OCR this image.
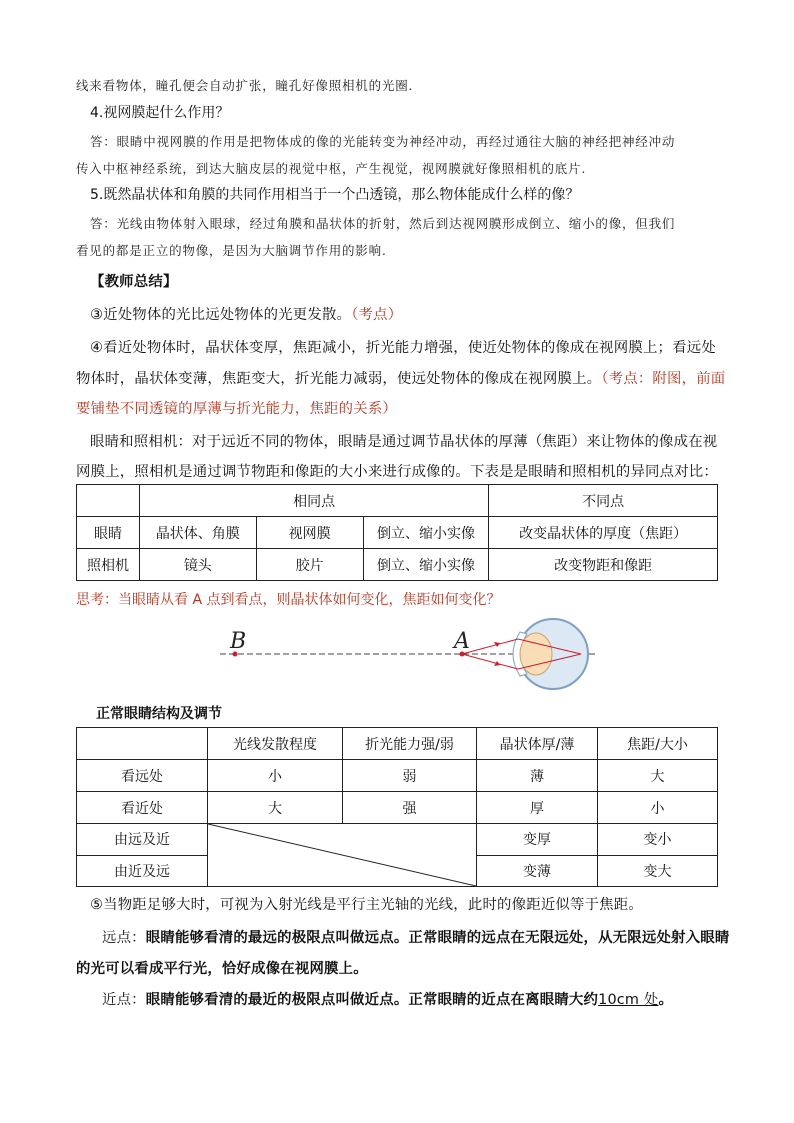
线来看物体，瞳孔便会自动扩张，瞳孔好像照相机的光圈.
4.视网膜起什么作用？
答：眼睛中视网膜的作用是把物体成的像的光能转变为神经冲动，再经过通往大脑的神经把神经冲动
传入中枢神经系统，到达大脑皮层的视觉中枢，产生视觉，视网膜就好像照相机的底片.
5.既然晶状体和角膜的共同作用相当于一个凸透镜，那么物体能成什么样的像？
答：光线由物体射入眼球，经过角膜和晶状体的折射，然后到达视网膜形成倒立、缩小的像，但我们
看见的都是正立的物像，是因为大脑调节作用的影响.
【教师总结】
③近处物体的光比远处物体的光更发散。（考点）
④看近处物体时，晶状体变厚，焦距减小，折光能力增强，使近处物体的像成在视网膜上；看远处
物体时，晶状体变薄，焦距变大，折光能力减弱，使远处物体的像成在视网膜上。（考点：附图，前面
要铺垫不同透镜的厚薄与折光能力，焦距的关系）
眼睛和照相机：对于远近不同的物体，眼睛是通过调节晶状体的厚薄（焦距）来让物体的像成在视
网膜上，照相机是通过调节物距和像距的大小来进行成像的。下表是是眼睛和照相机的异同点对比：
	相同点			不同点
眼睛	晶状体、角膜	视网膜	倒立、缩小实像	改变晶状体的厚度（焦距）
照相机	镜头	胶片	倒立、缩小实像	改变物距和像距
思考：当眼睛从看 A 点到看点，则晶状体如何变化，焦距如何变化？
B	A
正常眼睛结构及调节
	光线发散程度	折光能力强/弱	晶状体厚/薄	焦距/大小
看远处	小	弱	薄	大
看近处	大	强	厚	小
由远及近			变厚	变小
由近及远			变薄	变大
⑤当物距足够大时，可视为入射光线是平行主光轴的光线，此时的像距近似等于焦距。
远点：眼睛能够看清的最远的极限点叫做远点。正常眼睛的远点在无限远处，从无限远处射入眼睛
的光可以看成平行光，恰好成像在视网膜上。
近点：眼睛能够看清的最近的极限点叫做近点。正常眼睛的近点在离眼睛大约10cm 处。
